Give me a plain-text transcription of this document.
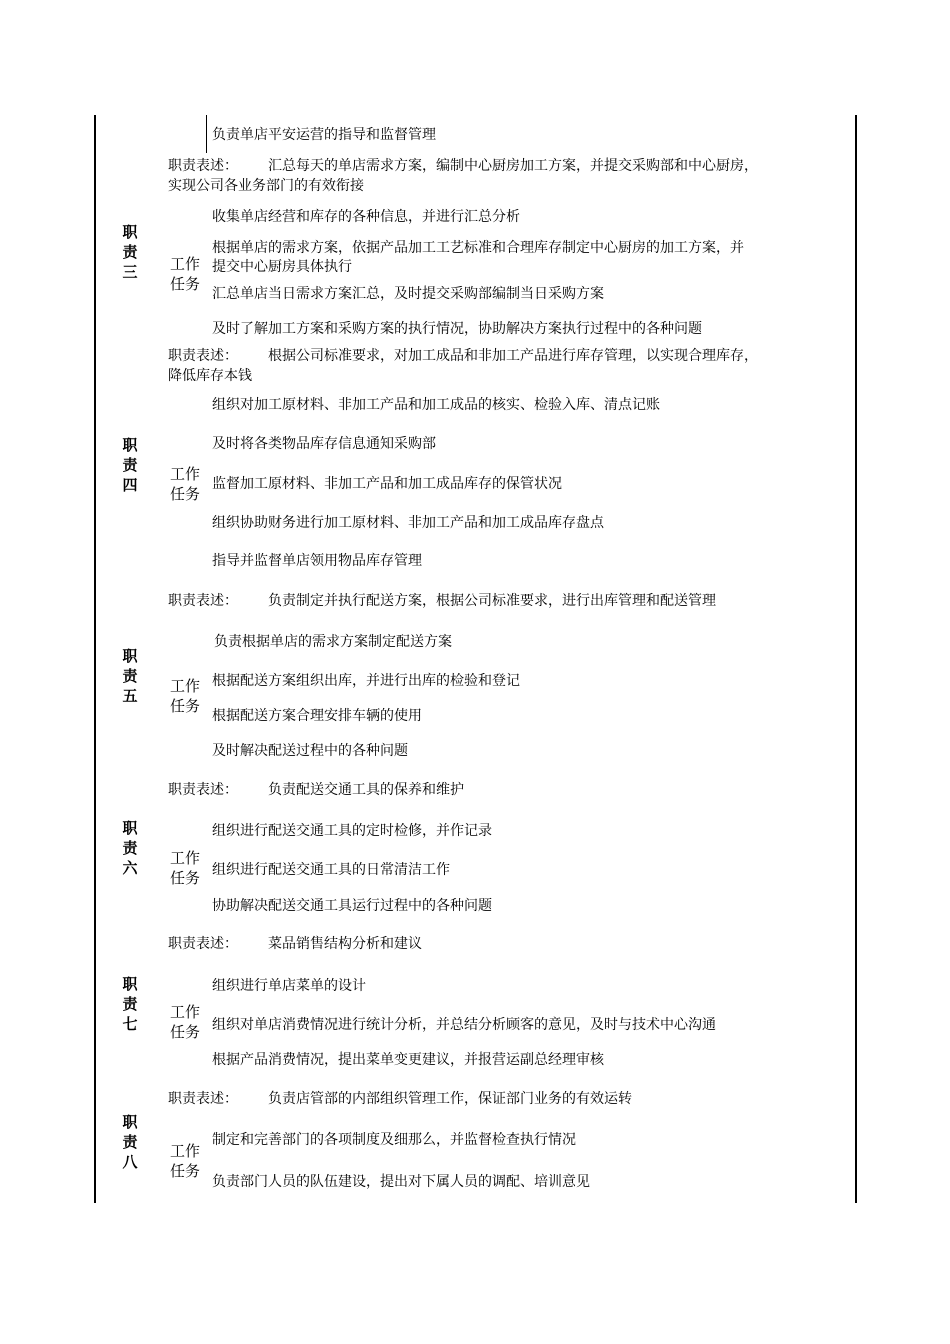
负责单店平安运营的指导和监督管理
职
责
三
职责表述： 汇总每天的单店需求方案，编制中心厨房加工方案，并提交采购部和中心厨房，
实现公司各业务部门的有效衔接
工作
任务
收集单店经营和库存的各种信息，并进行汇总分析
根据单店的需求方案，依据产品加工工艺标准和合理库存制定中心厨房的加工方案，并
提交中心厨房具体执行
汇总单店当日需求方案汇总，及时提交采购部编制当日采购方案
及时了解加工方案和采购方案的执行情况，协助解决方案执行过程中的各种问题
职
责
四
职责表述： 根据公司标准要求，对加工成品和非加工产品进行库存管理，以实现合理库存，
降低库存本钱
工作
任务
组织对加工原材料、非加工产品和加工成品的核实、检验入库、清点记账
及时将各类物品库存信息通知采购部
监督加工原材料、非加工产品和加工成品库存的保管状况
组织协助财务进行加工原材料、非加工产品和加工成品库存盘点
指导并监督单店领用物品库存管理
职
责
五
职责表述： 负责制定并执行配送方案，根据公司标准要求，进行出库管理和配送管理
工作
任务
负责根据单店的需求方案制定配送方案
根据配送方案组织出库，并进行出库的检验和登记
根据配送方案合理安排车辆的使用
及时解决配送过程中的各种问题
职
责
六
职责表述： 负责配送交通工具的保养和维护
工作
任务
组织进行配送交通工具的定时检修，并作记录
组织进行配送交通工具的日常清洁工作
协助解决配送交通工具运行过程中的各种问题
职
责
七
职责表述： 菜品销售结构分析和建议
工作
任务
组织进行单店菜单的设计
组织对单店消费情况进行统计分析，并总结分析顾客的意见，及时与技术中心沟通
根据产品消费情况，提出菜单变更建议，并报营运副总经理审核
职
责
八
职责表述： 负责店管部的内部组织管理工作，保证部门业务的有效运转
工作
任务
制定和完善部门的各项制度及细那么，并监督检查执行情况
负责部门人员的队伍建设，提出对下属人员的调配、培训意见
